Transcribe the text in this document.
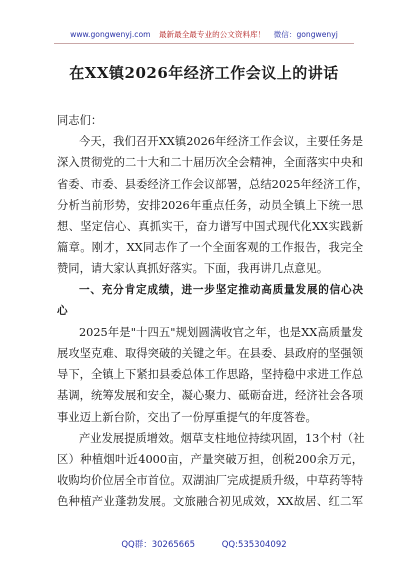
www.gongwenyj.com 最新最全最专业的公文资料库！ 微信：gongwenyj
在XX镇2026年经济工作会议上的讲话
同志们：
今天，我们召开XX镇2026年经济工作会议，主要任务是
深入贯彻党的二十大和二十届历次全会精神，全面落实中央和
省委、市委、县委经济工作会议部署，总结2025年经济工作，
分析当前形势，安排2026年重点任务，动员全镇上下统一思
想、坚定信心、真抓实干，奋力谱写中国式现代化XX实践新
篇章。刚才，XX同志作了一个全面客观的工作报告，我完全
赞同，请大家认真抓好落实。下面，我再讲几点意见。
一、充分肯定成绩，进一步坚定推动高质量发展的信心决
心
2025年是"十四五"规划圆满收官之年，也是XX高质量发
展攻坚克难、取得突破的关键之年。在县委、县政府的坚强领
导下，全镇上下紧扣县委总体工作思路，坚持稳中求进工作总
基调，统筹发展和安全，凝心聚力、砥砺奋进，经济社会各项
事业迈上新台阶，交出了一份厚重提气的年度答卷。
产业发展提质增效。烟草支柱地位持续巩固，13个村（社
区）种植烟叶近4000亩，产量突破万担，创税200余万元，
收购均价位居全市首位。双湖油厂完成提质升级，中草药等特
色种植产业蓬勃发展。文旅融合初见成效，XX故居、红二军
QQ群：30265665	QQ:535304092
